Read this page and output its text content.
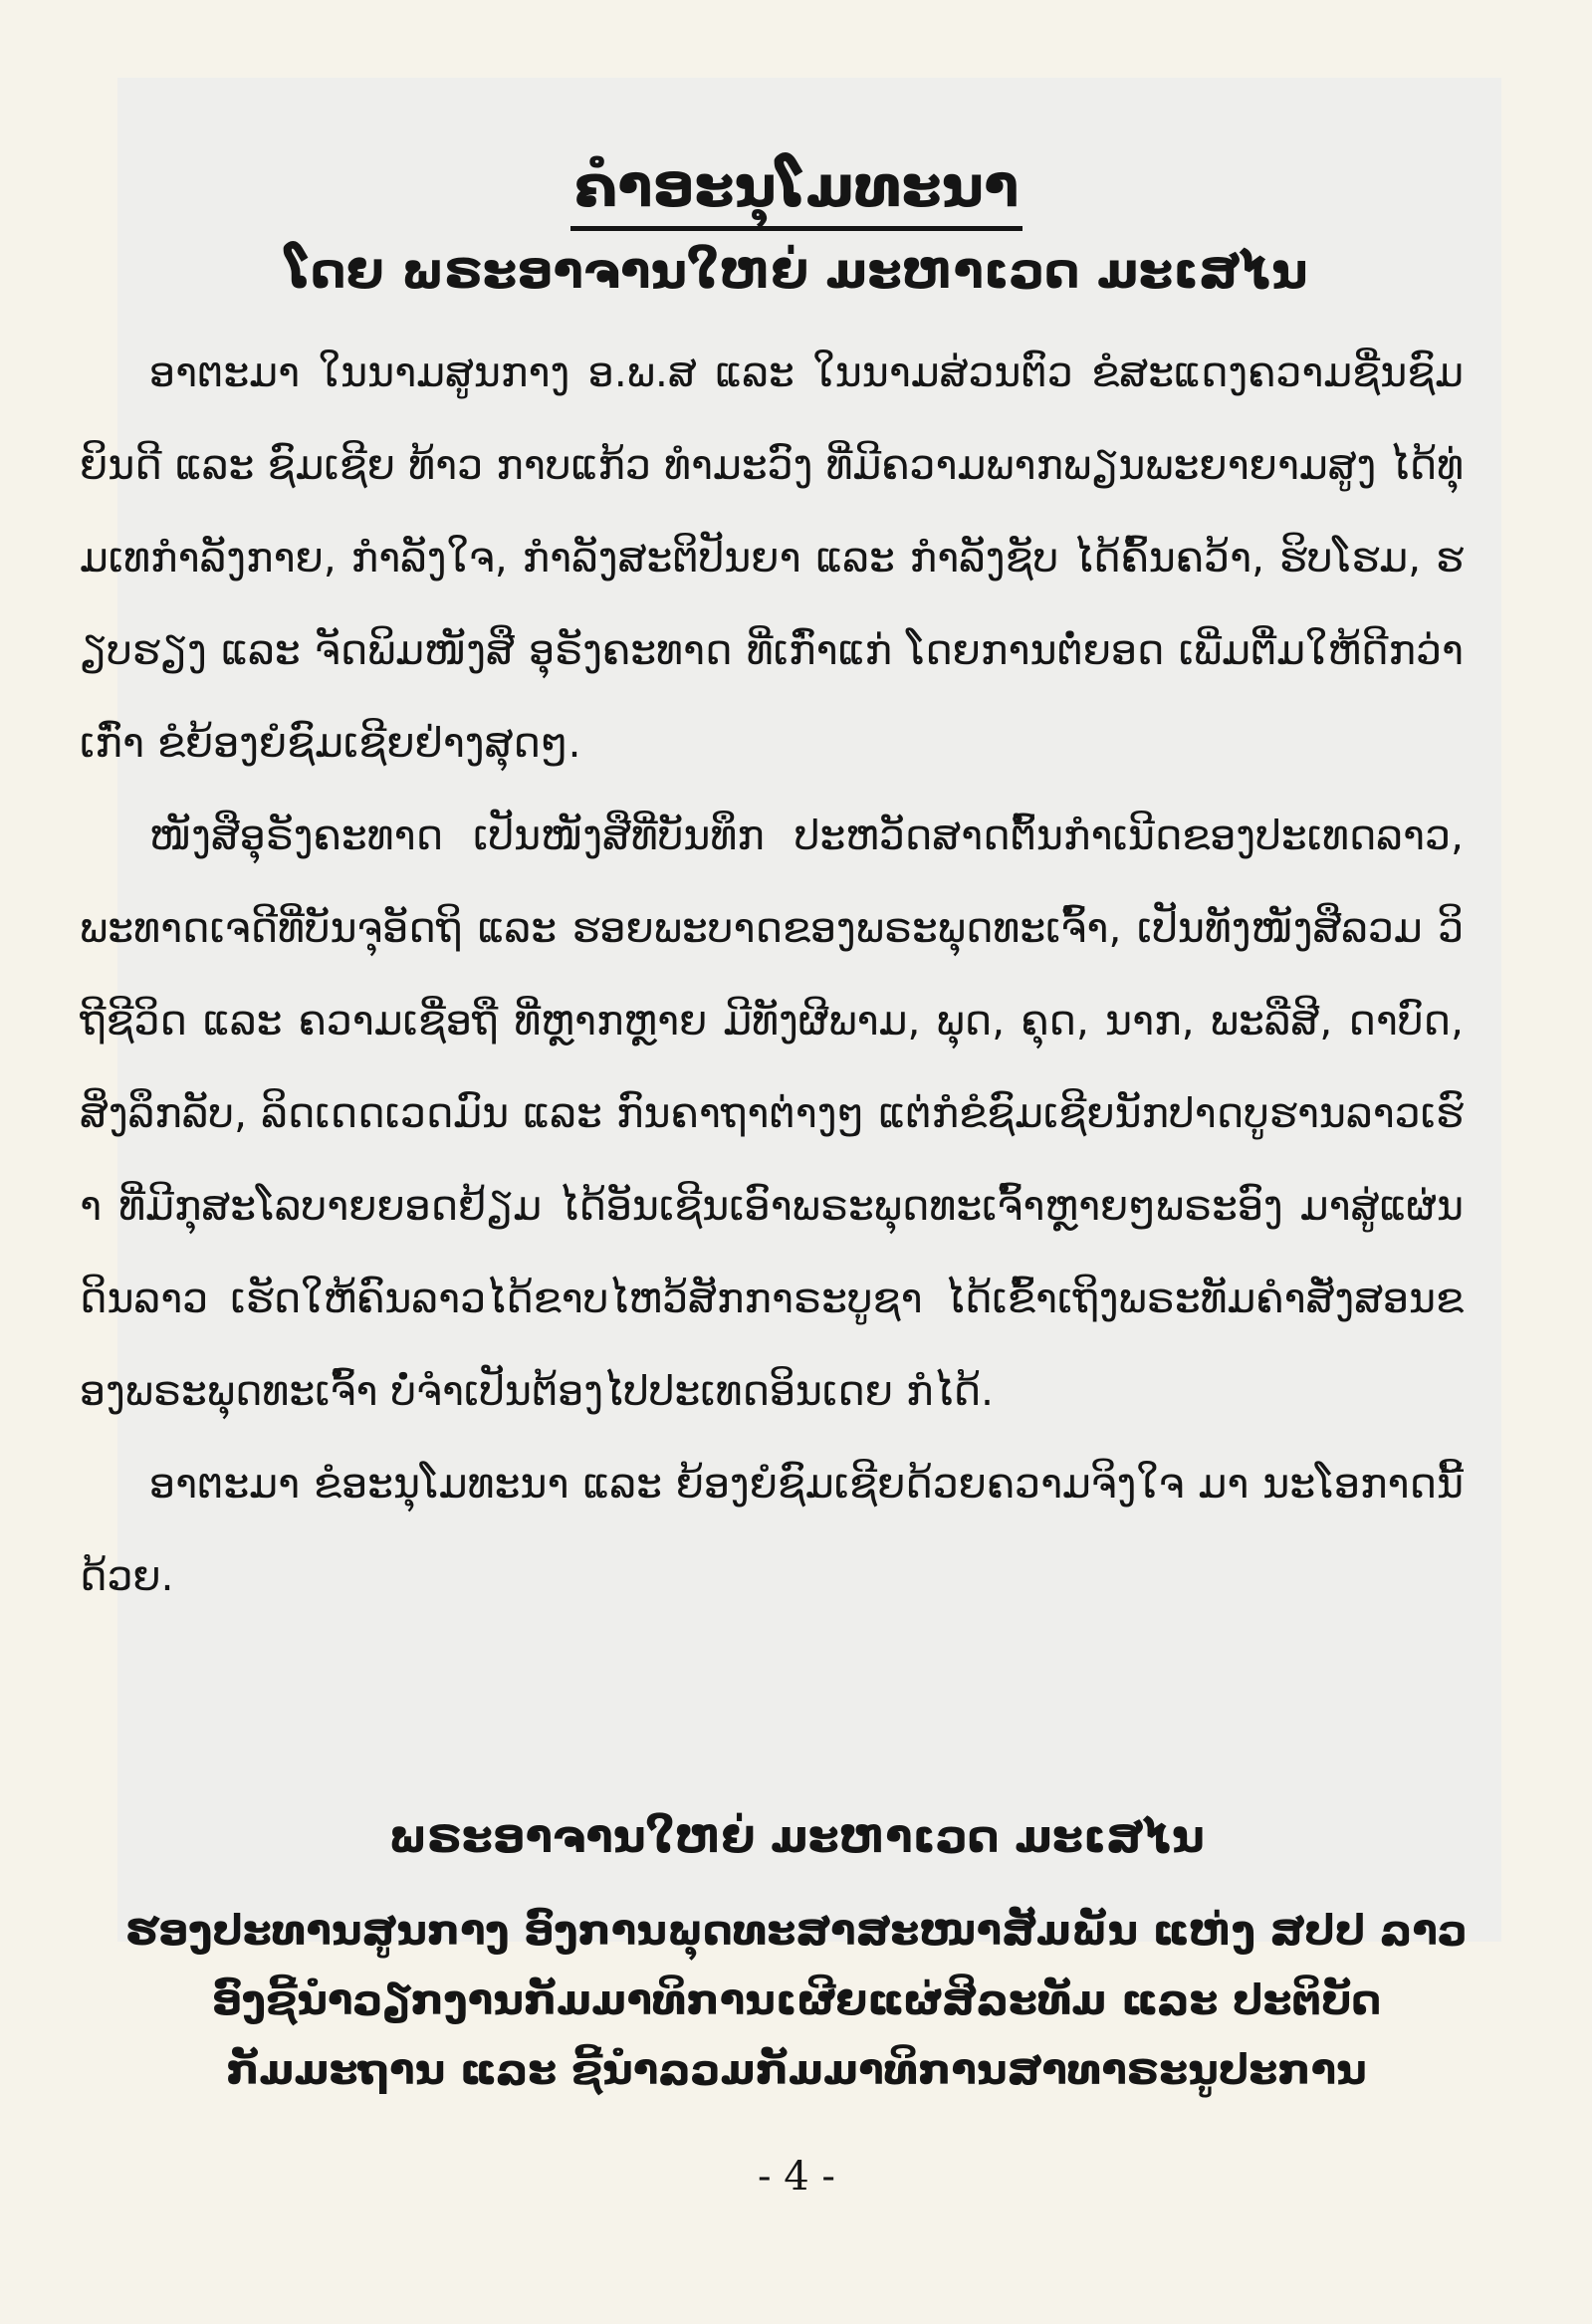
ຄຳອະນຸໂມທະນາ
ໂດຍ ພຣະອາຈານໃຫຍ່ ມະຫາເວດ ມະເສໄນ

ອາຕະມາ ໃນນາມສູນກາງ ອ.ພ.ສ ແລະ ໃນນາມສ່ວນຕົວ ຂໍສະແດງຄວາມຊື່ນຊົມຍິນດີ ແລະ ຊົມເຊີຍ ທ້າວ ກາບແກ້ວ ທຳມະວົງ ທີ່ມີຄວາມພາກພຽນພະຍາຍາມສູງ ໄດ້ທຸ່ມເທກຳລັງກາຍ, ກຳລັງໃຈ, ກຳລັງສະຕິປັນຍາ ແລະ ກຳລັງຊັບ ໄດ້ຄົ້ນຄວ້າ, ຮິບໂຮມ, ຮຽບຮຽງ ແລະ ຈັດພິມໜັງສື ອຸຣັງຄະທາດ ທີ່ເກົ່າແກ່ ໂດຍການຕໍ່ຍອດ ເພີ່ມຕື່ມໃຫ້ດີກວ່າເກົ່າ ຂໍຍ້ອງຍໍຊົມເຊີຍຢ່າງສຸດໆ.

ໜັງສືອຸຣັງຄະທາດ ເປັນໜັງສືທີ່ບັນທຶກ ປະຫວັດສາດຕົ້ນກຳເນີດຂອງປະເທດລາວ, ພະທາດເຈດີທີ່ບັນຈຸອັດຖິ ແລະ ຮອຍພະບາດຂອງພຣະພຸດທະເຈົ້າ, ເປັນທັງໜັງສືລວມ ວິຖີຊີວິດ ແລະ ຄວາມເຊື່ອຖື ທີ່ຫຼາກຫຼາຍ ມີທັງຜີພາມ, ພຸດ, ຄຸດ, ນາກ, ພະລືສີ, ດາບົດ, ສິ່ງລຶກລັບ, ລິດເດດເວດມົນ ແລະ ກົນຄາຖາຕ່າງໆ ແຕ່ກໍຂໍຊົມເຊີຍນັກປາດບູຮານລາວເຮົາ ທີ່ມີກຸສະໂລບາຍຍອດຢ້ຽມ ໄດ້ອັນເຊີນເອົາພຣະພຸດທະເຈົ້າຫຼາຍໆພຣະອົງ ມາສູ່ແຜ່ນດິນລາວ ເຮັດໃຫ້ຄົນລາວໄດ້ຂາບໄຫວ້ສັກກາຣະບູຊາ ໄດ້ເຂົ້າເຖິງພຣະທັມຄຳສັ່ງສອນຂອງພຣະພຸດທະເຈົ້າ ບໍ່ຈຳເປັນຕ້ອງໄປປະເທດອິນເດຍ ກໍໄດ້.

ອາຕະມາ ຂໍອະນຸໂມທະນາ ແລະ ຍ້ອງຍໍຊົມເຊີຍດ້ວຍຄວາມຈິງໃຈ ມາ ນະໂອກາດນີ້ດ້ວຍ.

ພຣະອາຈານໃຫຍ່ ມະຫາເວດ ມະເສໄນ
ຮອງປະທານສູນກາງ ອົງການພຸດທະສາສະໜາສັມພັນ ແຫ່ງ ສປປ ລາວ
ອົງຊີ້ນຳວຽກງານກັມມາທິການເຜີຍແຜ່ສິລະທັມ ແລະ ປະຕິບັດ
ກັມມະຖານ ແລະ ຊີ້ນຳລວມກັມມາທິການສາທາຣະນູປະການ
- 4 -
